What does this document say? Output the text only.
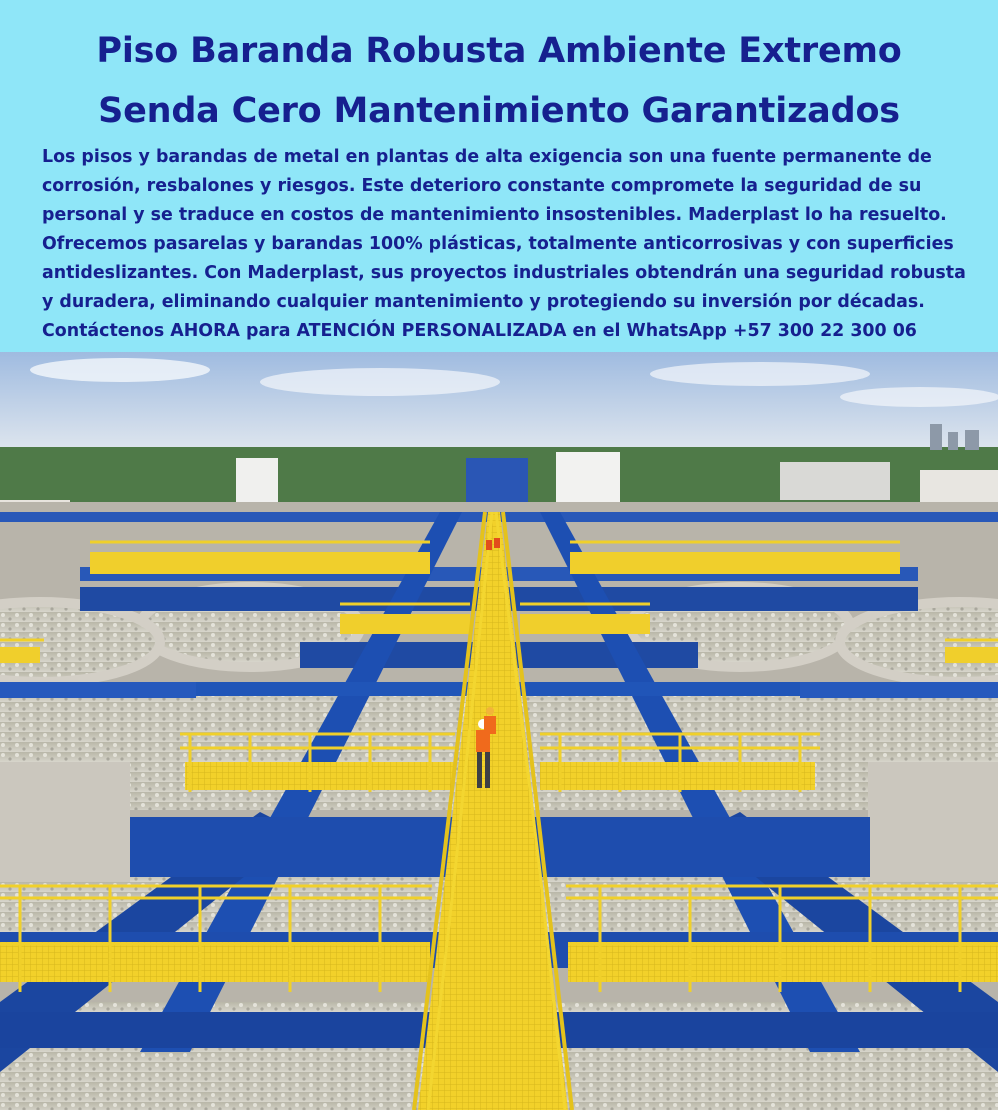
Piso Baranda Robusta Ambiente Extremo
Senda Cero Mantenimiento Garantizados
Los pisos y barandas de metal en plantas de alta exigencia son una fuente permanente de
corrosión, resbalones y riesgos. Este deterioro constante compromete la seguridad de su
personal y se traduce en costos de mantenimiento insostenibles. Maderplast lo ha resuelto.
Ofrecemos pasarelas y barandas 100% plásticas, totalmente anticorrosivas y con superficies
antideslizantes. Con Maderplast, sus proyectos industriales obtendrán una seguridad robusta
y duradera, eliminando cualquier mantenimiento y protegiendo su inversión por décadas.
Contáctenos AHORA para ATENCIÓN PERSONALIZADA en el WhatsApp +57 300 22 300 06
